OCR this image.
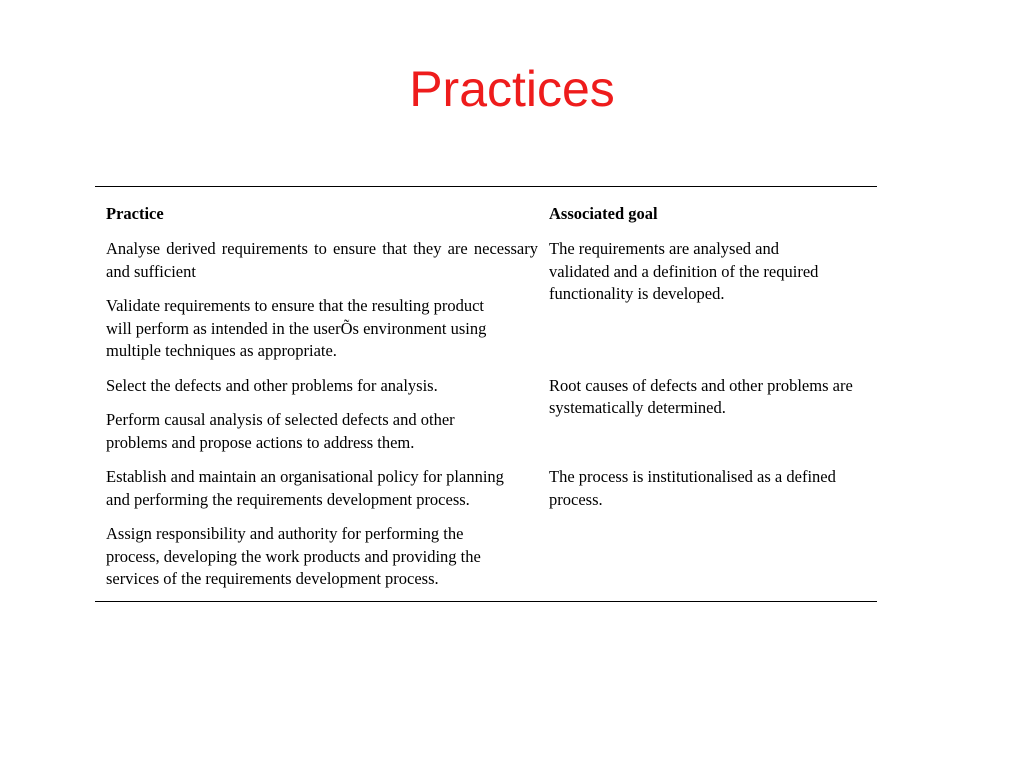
Practices
Practice	Associated goal

Analyse derived requirements to ensure that they are necessary and sufficient

Validate requirements to ensure that the resulting product will perform as intended in the userÕs environment using multiple techniques as appropriate.

The requirements are analysed and validated and a definition of the required functionality is developed.

Select the defects and other problems for analysis.

Perform causal analysis of selected defects and other problems and propose actions to address them.

Root causes of defects and other problems are systematically determined.

Establish and maintain an organisational policy for planning and performing the requirements development process.

Assign responsibility and authority for performing the process, developing the work products and providing the services of the requirements development process.

The process is institutionalised as a defined process.
